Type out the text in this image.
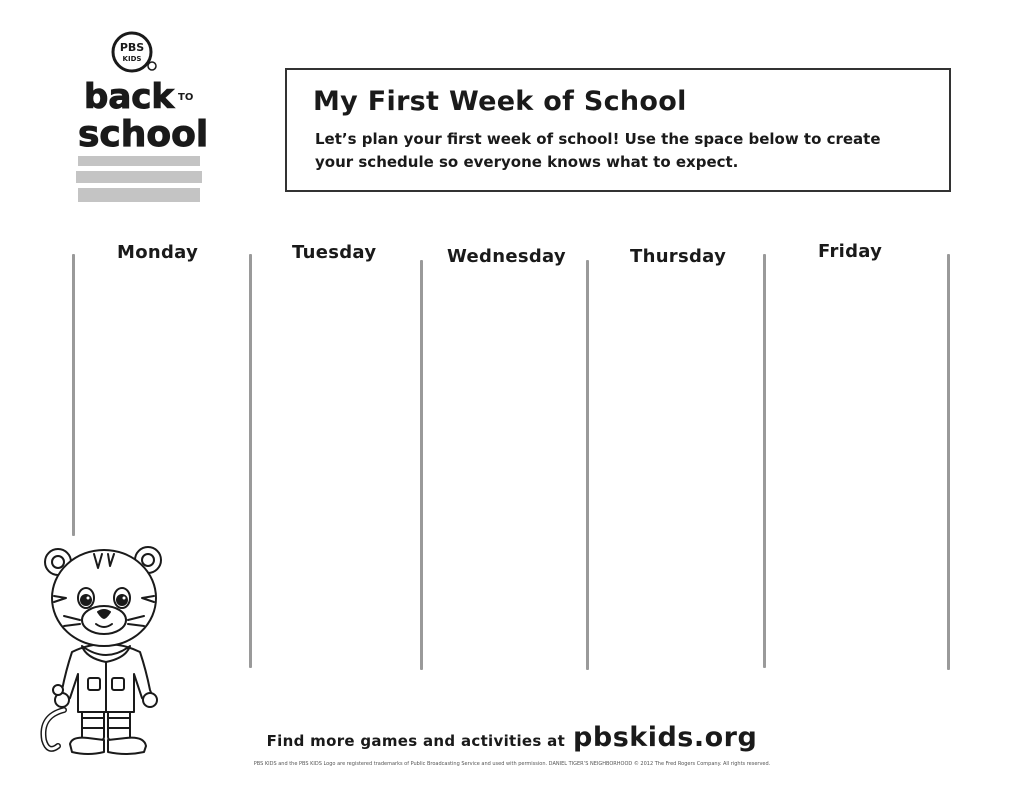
PBS
KIDS
back TO
school
My First Week of School

Let’s plan your first week of school! Use the space below to create your schedule so everyone knows what to expect.

Monday	Tuesday	Wednesday	Thursday	Friday
Find more games and activities at pbskids.org
PBS KIDS and the PBS KIDS Logo are registered trademarks of Public Broadcasting Service and used with permission. DANIEL TIGER’S NEIGHBORHOOD © 2012 The Fred Rogers Company. All rights reserved.
